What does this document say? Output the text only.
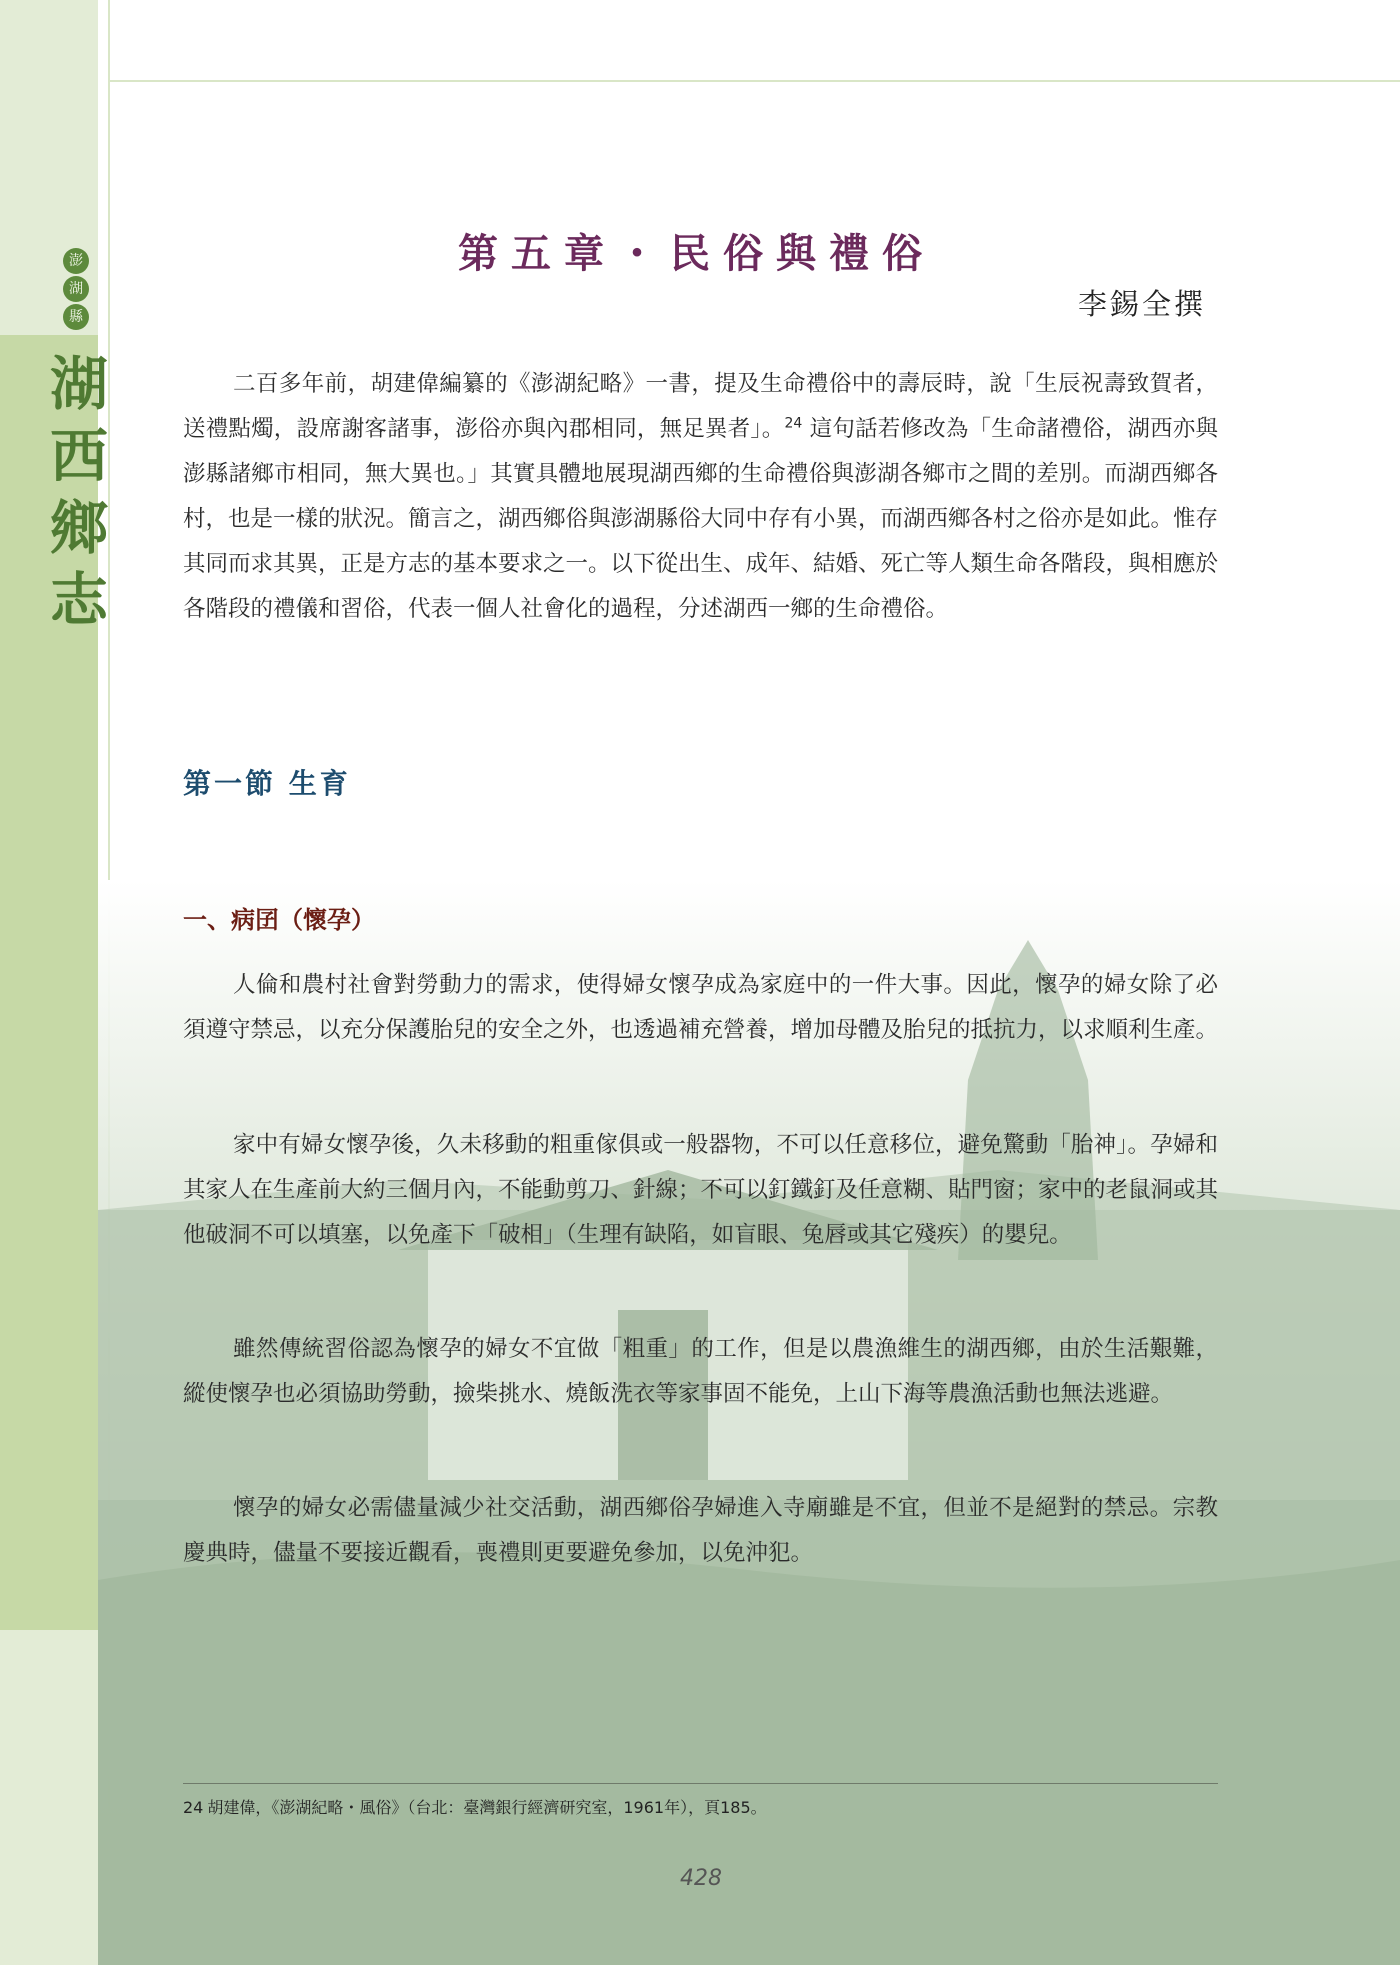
澎
湖
縣
湖
西
鄉
志
第五章・民俗與禮俗
李錫全撰

二百多年前，胡建偉編纂的《澎湖紀略》一書，提及生命禮俗中的壽辰時，說「生辰祝壽致賀者，送禮點燭，設席謝客諸事，澎俗亦與內郡相同，無足異者」。$^{24}$ 這句話若修改為「生命諸禮俗，湖西亦與澎縣諸鄉市相同，無大異也。」其實具體地展現湖西鄉的生命禮俗與澎湖各鄉市之間的差別。而湖西鄉各村，也是一樣的狀況。簡言之，湖西鄉俗與澎湖縣俗大同中存有小異，而湖西鄉各村之俗亦是如此。惟存其同而求其異，正是方志的基本要求之一。以下從出生、成年、結婚、死亡等人類生命各階段，與相應於各階段的禮儀和習俗，代表一個人社會化的過程，分述湖西一鄉的生命禮俗。

第一節 生育
一、病囝（懷孕）

人倫和農村社會對勞動力的需求，使得婦女懷孕成為家庭中的一件大事。因此，懷孕的婦女除了必須遵守禁忌，以充分保護胎兒的安全之外，也透過補充營養，增加母體及胎兒的抵抗力，以求順利生產。

家中有婦女懷孕後，久未移動的粗重傢俱或一般器物，不可以任意移位，避免驚動「胎神」。孕婦和其家人在生產前大約三個月內，不能動剪刀、針線；不可以釘鐵釘及任意糊、貼門窗；家中的老鼠洞或其他破洞不可以填塞，以免產下「破相」（生理有缺陷，如盲眼、兔唇或其它殘疾）的嬰兒。

雖然傳統習俗認為懷孕的婦女不宜做「粗重」的工作，但是以農漁維生的湖西鄉，由於生活艱難，縱使懷孕也必須協助勞動，撿柴挑水、燒飯洗衣等家事固不能免，上山下海等農漁活動也無法逃避。

懷孕的婦女必需儘量減少社交活動，湖西鄉俗孕婦進入寺廟雖是不宜，但並不是絕對的禁忌。宗教慶典時，儘量不要接近觀看，喪禮則更要避免參加，以免沖犯。

24 胡建偉，《澎湖紀略・風俗》（台北：臺灣銀行經濟研究室，1961年），頁185。
428
